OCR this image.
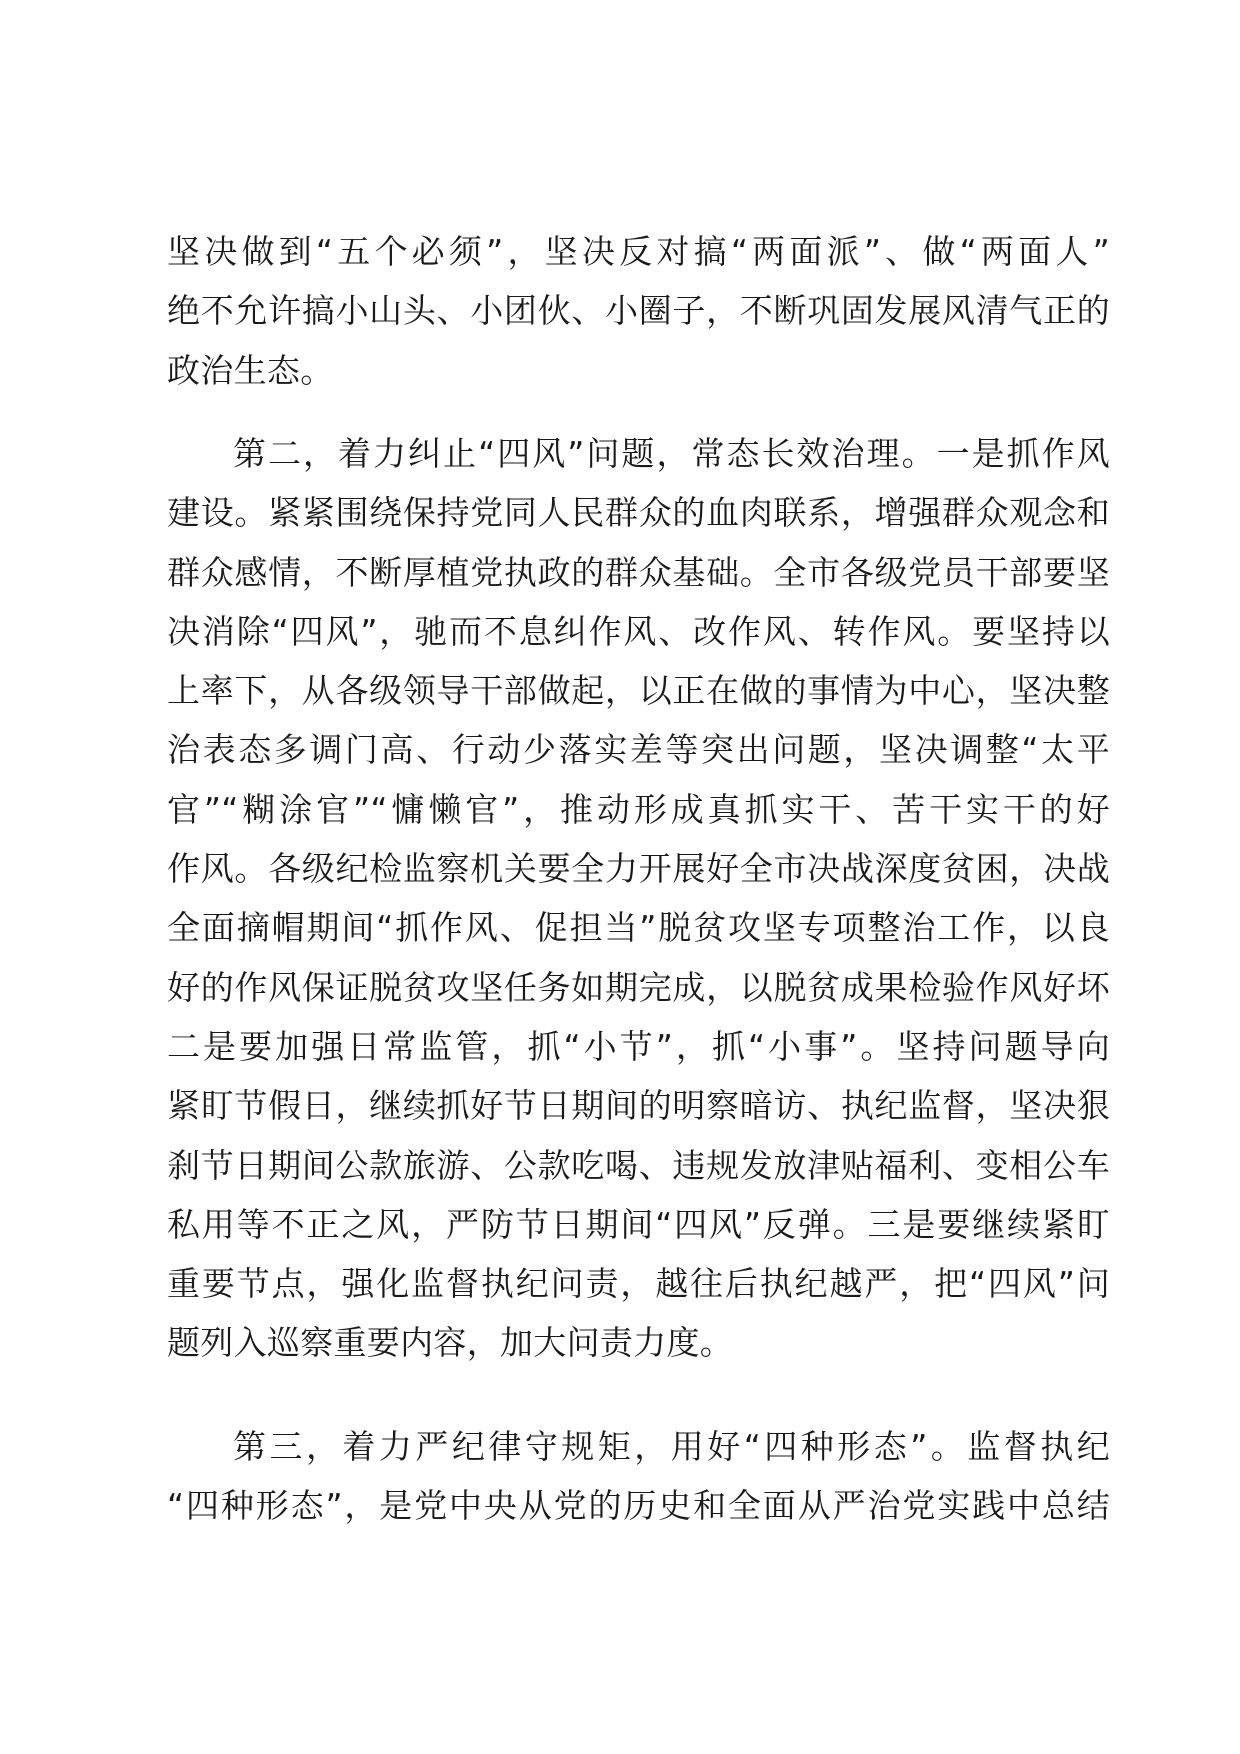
坚决做到“五个必须”，坚决反对搞“两面派”、做“两面人”
绝不允许搞小山头、小团伙、小圈子，不断巩固发展风清气正的
政治生态。
第二，着力纠止“四风”问题，常态长效治理。一是抓作风
建设。紧紧围绕保持党同人民群众的血肉联系，增强群众观念和
群众感情，不断厚植党执政的群众基础。全市各级党员干部要坚
决消除“四风”，驰而不息纠作风、改作风、转作风。要坚持以
上率下，从各级领导干部做起，以正在做的事情为中心，坚决整
治表态多调门高、行动少落实差等突出问题，坚决调整“太平
官”“糊涂官”“慵懒官”，推动形成真抓实干、苦干实干的好
作风。各级纪检监察机关要全力开展好全市决战深度贫困，决战
全面摘帽期间“抓作风、促担当”脱贫攻坚专项整治工作，以良
好的作风保证脱贫攻坚任务如期完成，以脱贫成果检验作风好坏
二是要加强日常监管，抓“小节”，抓“小事”。坚持问题导向
紧盯节假日，继续抓好节日期间的明察暗访、执纪监督，坚决狠
刹节日期间公款旅游、公款吃喝、违规发放津贴福利、变相公车
私用等不正之风，严防节日期间“四风”反弹。三是要继续紧盯
重要节点，强化监督执纪问责，越往后执纪越严，把“四风”问
题列入巡察重要内容，加大问责力度。
第三，着力严纪律守规矩，用好“四种形态”。监督执纪
“四种形态”，是党中央从党的历史和全面从严治党实践中总结
